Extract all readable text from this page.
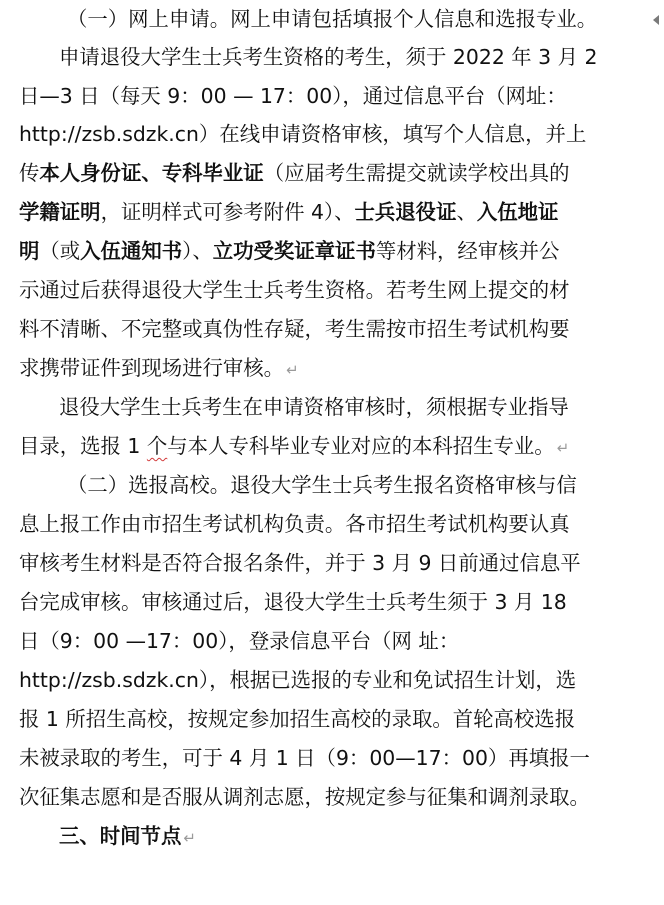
（一）网上申请。网上申请包括填报个人信息和选报专业。
申请退役大学生士兵考生资格的考生，须于 2022 年 3 月 2
日—3 日（每天 9：00 — 17：00），通过信息平台（网址：
http://zsb.sdzk.cn）在线申请资格审核，填写个人信息，并上
传本人身份证、专科毕业证（应届考生需提交就读学校出具的
学籍证明，证明样式可参考附件 4）、士兵退役证、入伍地证
明（或入伍通知书）、立功受奖证章证书等材料，经审核并公
示通过后获得退役大学生士兵考生资格。若考生网上提交的材
料不清晰、不完整或真伪性存疑，考生需按市招生考试机构要
求携带证件到现场进行审核。 ↵
退役大学生士兵考生在申请资格审核时，须根据专业指导
目录，选报 1 个与本人专科毕业专业对应的本科招生专业。 ↵
（二）选报高校。退役大学生士兵考生报名资格审核与信
息上报工作由市招生考试机构负责。各市招生考试机构要认真
审核考生材料是否符合报名条件，并于 3 月 9 日前通过信息平
台完成审核。审核通过后，退役大学生士兵考生须于 3 月 18
日（9：00 —17：00），登录信息平台（网 址：
http://zsb.sdzk.cn），根据已选报的专业和免试招生计划，选
报 1 所招生高校，按规定参加招生高校的录取。首轮高校选报
未被录取的考生，可于 4 月 1 日（9：00—17：00）再填报一
次征集志愿和是否服从调剂志愿，按规定参与征集和调剂录取。
三、时间节点 ↵
